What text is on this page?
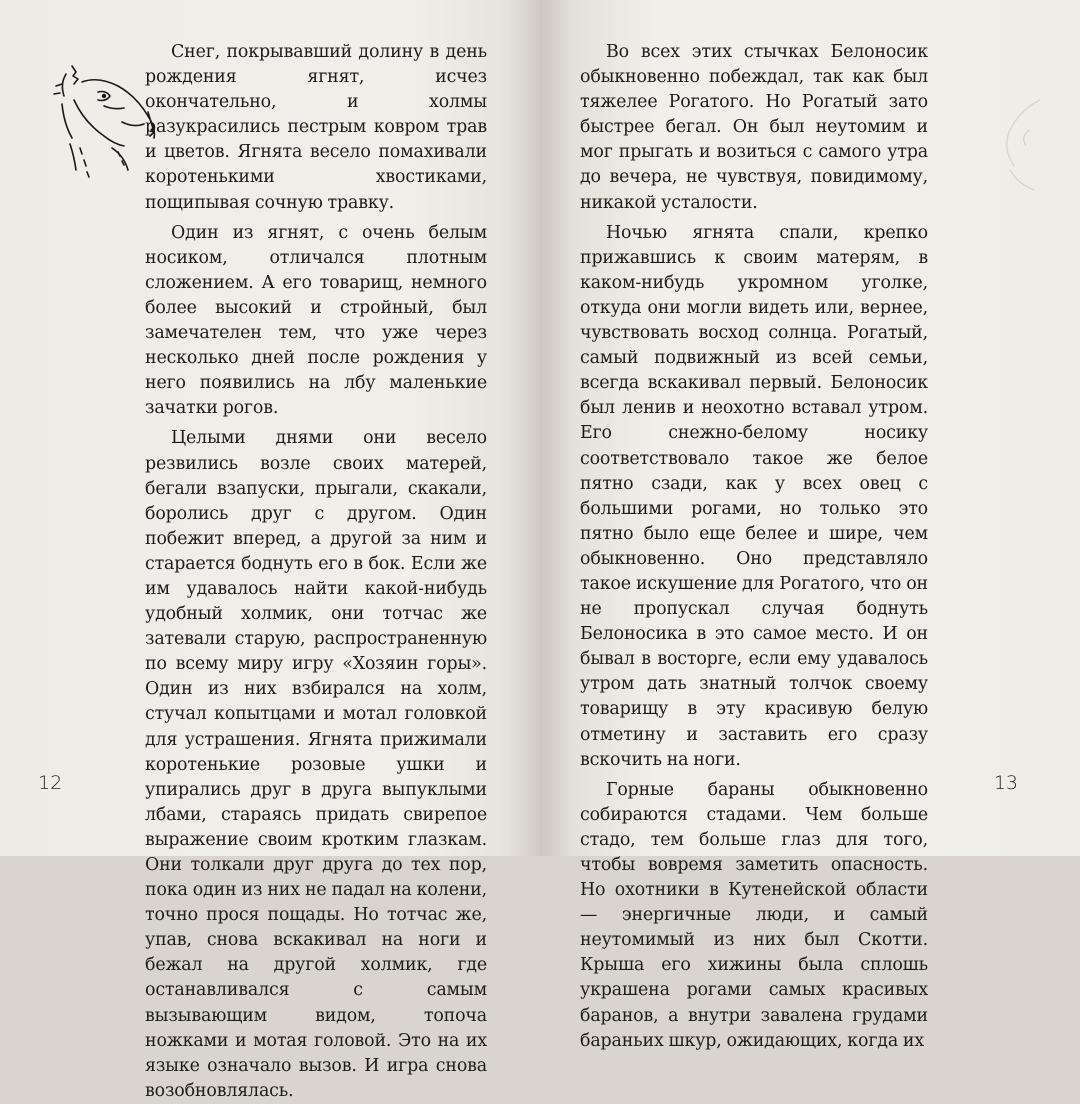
Снег, покрывавший долину в день рождения ягнят, исчез окончательно, и холмы разукрасились пестрым ковром трав и цветов. Ягнята весело помахивали коротенькими хвостиками, пощипывая сочную травку.

Один из ягнят, с очень белым носиком, отличался плотным сложением. А его товарищ, немного более высокий и стройный, был замечателен тем, что уже через несколько дней после рождения у него появились на лбу маленькие зачатки рогов.

Целыми днями они весело резвились возле своих матерей, бегали взапуски, прыгали, скакали, боролись друг с другом. Один побежит вперед, а другой за ним и старается боднуть его в бок. Если же им удавалось найти какой-нибудь удобный холмик, они тотчас же затевали старую, распространенную по всему миру игру «Хозяин горы». Один из них взбирался на холм, стучал копытцами и мотал головкой для устрашения. Ягнята прижимали коротенькие розовые ушки и упирались друг в друга выпуклыми лбами, стараясь придать свирепое выражение своим кротким глазкам. Они толкали друг друга до тех пор, пока один из них не падал на колени, точно прося пощады. Но тотчас же, упав, снова вскакивал на ноги и бежал на другой холмик, где останавливался с самым вызывающим видом, топоча ножками и мотая головой. Это на их языке означало вызов. И игра снова возобновлялась.

12

Во всех этих стычках Белоносик обыкновенно побеждал, так как был тяжелее Рогатого. Но Рогатый зато быстрее бегал. Он был неутомим и мог прыгать и возиться с самого утра до вечера, не чувствуя, повидимому, никакой усталости.

Ночью ягнята спали, крепко прижавшись к своим матерям, в каком-нибудь укромном уголке, откуда они могли видеть или, вернее, чувствовать восход солнца. Рогатый, самый подвижный из всей семьи, всегда вскакивал первый. Белоносик был ленив и неохотно вставал утром. Его снежно-белому носику соответствовало такое же белое пятно сзади, как у всех овец с большими рогами, но только это пятно было еще белее и шире, чем обыкновенно. Оно представляло такое искушение для Рогатого, что он не пропускал случая боднуть Белоносика в это самое место. И он бывал в восторге, если ему удавалось утром дать знатный толчок своему товарищу в эту красивую белую отметину и заставить его сразу вскочить на ноги.

Горные бараны обыкновенно собираются стадами. Чем больше стадо, тем больше глаз для того, чтобы вовремя заметить опасность. Но охотники в Кутенейской области — энергичные люди, и самый неутомимый из них был Скотти. Крыша его хижины была сплошь украшена рогами самых красивых баранов, а внутри завалена грудами бараньих шкур, ожидающих, когда их

13
